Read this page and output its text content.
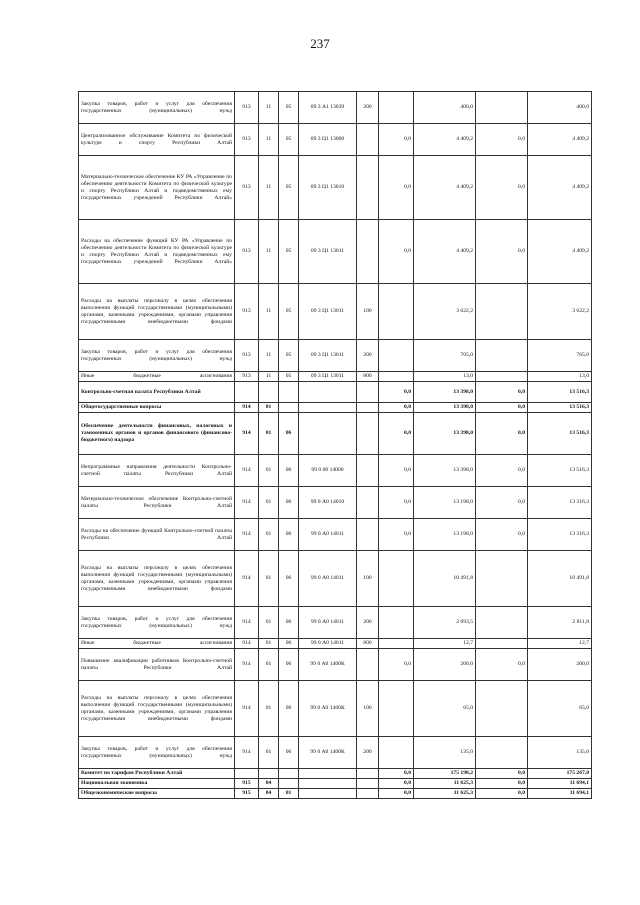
237
Закупка товаров, работ и услуг для обеспечения государственных (муниципальных) нужд	913	11	05	09 3 А1 13039	200		400,0		400,0
Централизованное обслуживание Комитета по физической культуре и спорту Республики Алтай	913	11	05	09 3 Ц1 13000		0,0	4 409,2	0,0	4 409,2
Материально-техническое обеспечение КУ РА «Управление по обеспечению деятельности Комитета по физической культуре и спорту Республики Алтай и подведомственных ему государственных учреждений Республики Алтай»	913	11	05	09 3 Ц1 13010		0,0	4 409,2	0,0	4 409,2
Расходы на обеспечение функций КУ РА «Управление по обеспечению деятельности Комитета по физической культуре и спорту Республики Алтай и подведомственных ему государственных учреждений Республики Алтай»	913	11	05	09 3 Ц1 13011		0,0	4 409,2	0,0	4 409,2
Расходы на выплаты персоналу в целях обеспечения выполнения функций государственными (муниципальными) органами, казенными учреждениями, органами управления государственными внебюджетными фондами	913	11	05	09 3 Ц1 13011	100		3 622,2		3 622,2
Закупка товаров, работ и услуг для обеспечения государственных (муниципальных) нужд	913	11	05	09 3 Ц1 13011	200		765,0		765,0
Иные бюджетные ассигнования	913	11	05	09 3 Ц1 13011	800		13,0		13,0
Контрольно-счетная палата Республики Алтай						0,0	13 398,0	0,0	13 516,3
Общегосударственные вопросы	914	01				0,0	13 398,0	0,0	13 516,3
Обеспечение деятельности финансовых, налоговых и таможенных органов и органов финансового (финансово-бюджетного) надзора	914	01	06			0,0	13 398,0	0,0	13 516,3
Непрограммные направления деятельности Контрольно-счетной палаты Республики Алтай	914	01	06	99 0 00 14000		0,0	13 398,0	0,0	13 516,3
Материально-техническое обеспечение Контрольно-счетной палаты Республики Алтай	914	01	06	99 0 А0 14010		0,0	13 198,0	0,0	13 316,3
Расходы на обеспечение функций Контрольно-счетной палаты Республики Алтай	914	01	06	99 0 А0 14011		0,0	13 198,0	0,0	13 316,3
Расходы на выплаты персоналу в целях обеспечения выполнения функций государственными (муниципальными) органами, казенными учреждениями, органами управления государственными внебюджетными фондами	914	01	06	99 0 А0 14011	100		10 491,8		10 491,8
Закупка товаров, работ и услуг для обеспечения государственных (муниципальных) нужд	914	01	06	99 0 А0 14011	200		2 693,5		2 811,8
Иные бюджетные ассигнования	914	01	06	99 0 А0 14011	800		12,7		12,7
Повышение квалификации работников Контрольно-счетной палаты Республики Алтай	914	01	06	99 0 А0 1400К		0,0	200,0	0,0	200,0
Расходы на выплаты персоналу в целях обеспечения выполнения функций государственными (муниципальными) органами, казенными учреждениями, органами управления государственными внебюджетными фондами	914	01	06	99 0 А0 1400К	100		65,0		65,0
Закупка товаров, работ и услуг для обеспечения государственных (муниципальных) нужд	914	01	06	99 0 А0 1400К	200		135,0		135,0
Комитет по тарифам Республики Алтай						0,0	175 198,2	0,0	175 267,0
Национальная экономика	915	04				0,0	11 625,3	0,0	11 694,1
Общеэкономические вопросы	915	04	01			0,0	11 625,3	0,0	11 694,1
